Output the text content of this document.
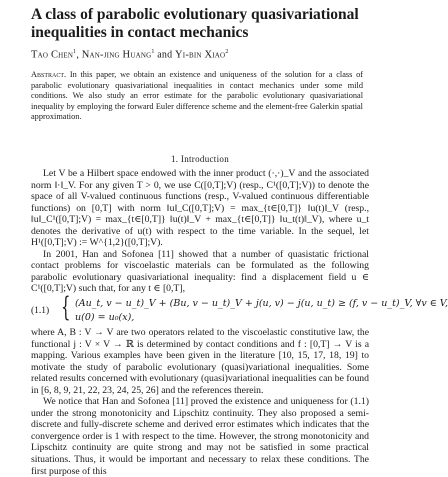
A class of parabolic evolutionary quasivariational inequalities in contact mechanics
Tao Chen$^1$, Nan-jing Huang$^1$ and Yi-bin Xiao$^2$
Abstract. In this paper, we obtain an existence and uniqueness of the solution for a class of parabolic evolutionary quasivariational inequalities in contact mechanics under some mild conditions. We also study an error estimate for the parabolic evolutionary quasivariational inequality by employing the forward Euler difference scheme and the element-free Galerkin spatial approximation.
1. Introduction

Let V be a Hilbert space endowed with the inner product (·,·)_V and the associated norm ‖·‖_V. For any given T > 0, we use C([0,T];V) (resp., C¹([0,T];V)) to denote the space of all V-valued continuous functions (resp., V-valued continuous differentiable functions) on [0,T] with norm ‖u‖_C([0,T];V) = max_{t∈[0,T]} ‖u(t)‖_V (resp., ‖u‖_C¹([0,T];V) = max_{t∈[0,T]} ‖u(t)‖_V + max_{t∈[0,T]} ‖u_t(t)‖_V), where u_t denotes the derivative of u(t) with respect to the time variable. In the sequel, let H¹([0,T];V) := W^{1,2}([0,T];V).

In 2001, Han and Sofonea [11] showed that a number of quasistatic frictional contact problems for viscoelastic materials can be formulated as the following parabolic evolutionary quasivariational inequality: find a displacement field u ∈ C¹([0,T];V) such that, for any t ∈ [0,T],

(1.1) { (Au_t, v − u_t)_V + (Bu, v − u_t)_V + j(u, v) − j(u, u_t) ≥ (f, v − u_t)_V, ∀v ∈ V,
u(0) = u₀(x),

where A, B : V → V are two operators related to the viscoelastic constitutive law, the functional j : V × V → ℝ is determined by contact conditions and f : [0,T] → V is a mapping. Various examples have been given in the literature [10, 15, 17, 18, 19] to motivate the study of parabolic evolutionary (quasi)variational inequalities. Some related results concerned with evolutionary (quasi)variational inequalities can be found in [6, 8, 9, 21, 22, 23, 24, 25, 26] and the references therein.

We notice that Han and Sofonea [11] proved the existence and uniqueness for (1.1) under the strong monotonicity and Lipschitz continuity. They also proposed a semi-discrete and fully-discrete scheme and derived error estimates which indicates that the convergence order is 1 with respect to the time. However, the strong monotonicity and Lipschitz continuity are quite strong and may not be satisfied in some practical situations. Thus, it would be important and necessary to relax these conditions. The first purpose of this
